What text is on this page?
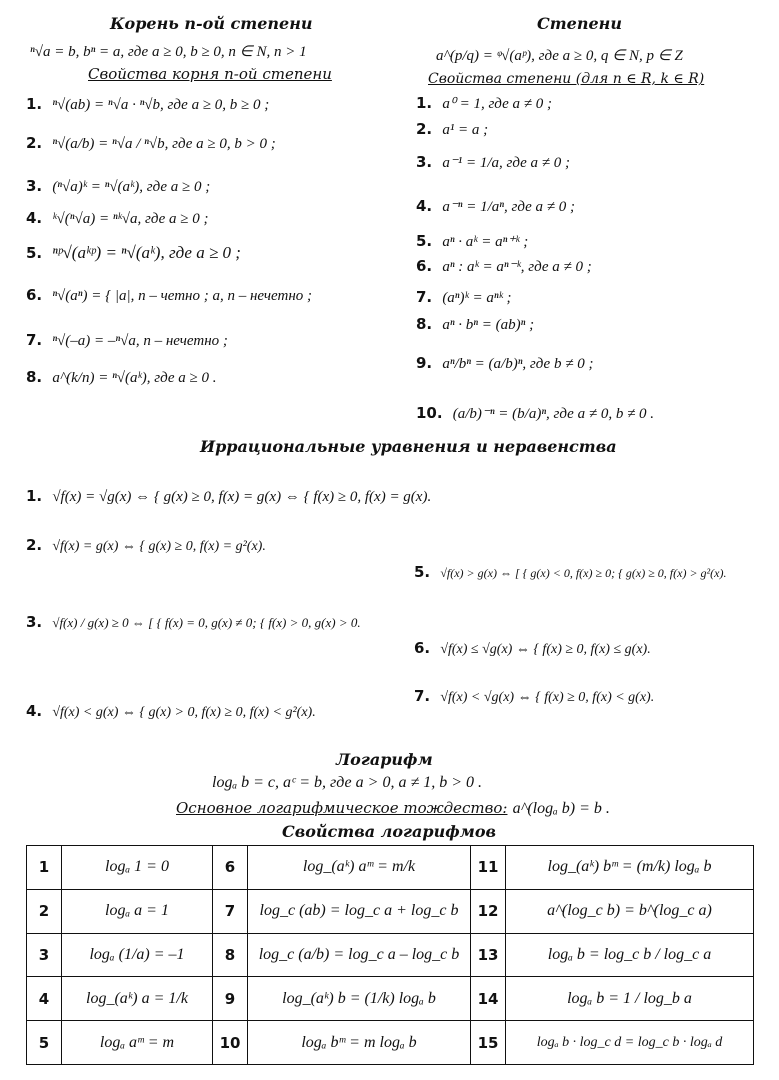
Корень n-ой степени
ⁿ√a = b, bⁿ = a, где a ≥ 0, b ≥ 0, n ∈ N, n > 1
Свойства корня n-ой степени
1. ⁿ√(ab) = ⁿ√a · ⁿ√b, где a ≥ 0, b ≥ 0 ;
2. ⁿ√(a/b) = ⁿ√a / ⁿ√b, где a ≥ 0, b > 0 ;
3. (ⁿ√a)ᵏ = ⁿ√(aᵏ), где a ≥ 0 ;
4. ᵏ√(ⁿ√a) = ⁿᵏ√a, где a ≥ 0 ;
5. ⁿᵖ√(aᵏᵖ) = ⁿ√(aᵏ), где a ≥ 0 ;
6. ⁿ√(aⁿ) = { |a|, n – четно ; a, n – нечетно ;
7. ⁿ√(–a) = –ⁿ√a, n – нечетно ;
8. a^(k/n) = ⁿ√(aᵏ), где a ≥ 0 .
Степени
a^(p/q) = ᵠ√(aᵖ), где a ≥ 0, q ∈ N, p ∈ Z
Свойства степени (для n ∈ R, k ∈ R)
1. a⁰ = 1, где a ≠ 0 ;
2. a¹ = a ;
3. a⁻¹ = 1/a, где a ≠ 0 ;
4. a⁻ⁿ = 1/aⁿ, где a ≠ 0 ;
5. aⁿ · aᵏ = aⁿ⁺ᵏ ;
6. aⁿ : aᵏ = aⁿ⁻ᵏ, где a ≠ 0 ;
7. (aⁿ)ᵏ = aⁿᵏ ;
8. aⁿ · bⁿ = (ab)ⁿ ;
9. aⁿ/bⁿ = (a/b)ⁿ, где b ≠ 0 ;
10. (a/b)⁻ⁿ = (b/a)ⁿ, где a ≠ 0, b ≠ 0 .
Иррациональные уравнения и неравенства
1. √f(x) = √g(x) ⇔ { g(x) ≥ 0, f(x) = g(x) ⇔ { f(x) ≥ 0, f(x) = g(x).
2. √f(x) = g(x) ⇔ { g(x) ≥ 0, f(x) = g²(x).
3. √f(x) / g(x) ≥ 0 ⇔ [ { f(x) = 0, g(x) ≠ 0; { f(x) > 0, g(x) > 0.
4. √f(x) < g(x) ⇔ { g(x) > 0, f(x) ≥ 0, f(x) < g²(x).
5. √f(x) > g(x) ⇔ [ { g(x) < 0, f(x) ≥ 0; { g(x) ≥ 0, f(x) > g²(x).
6. √f(x) ≤ √g(x) ⇔ { f(x) ≥ 0, f(x) ≤ g(x).
7. √f(x) < √g(x) ⇔ { f(x) ≥ 0, f(x) < g(x).
Логарифм
logₐ b = c, aᶜ = b, где a > 0, a ≠ 1, b > 0 .
Основное логарифмическое тождество: a^(logₐ b) = b .
Свойства логарифмов
1	logₐ 1 = 0	6	log_(aᵏ) aᵐ = m/k	11	log_(aᵏ) bᵐ = (m/k) logₐ b
2	logₐ a = 1	7	log_c (ab) = log_c a + log_c b	12	a^(log_c b) = b^(log_c a)
3	logₐ (1/a) = –1	8	log_c (a/b) = log_c a – log_c b	13	logₐ b = log_c b / log_c a
4	log_(aᵏ) a = 1/k	9	log_(aᵏ) b = (1/k) logₐ b	14	logₐ b = 1 / log_b a
5	logₐ aᵐ = m	10	logₐ bᵐ = m logₐ b	15	logₐ b · log_c d = log_c b · logₐ d
